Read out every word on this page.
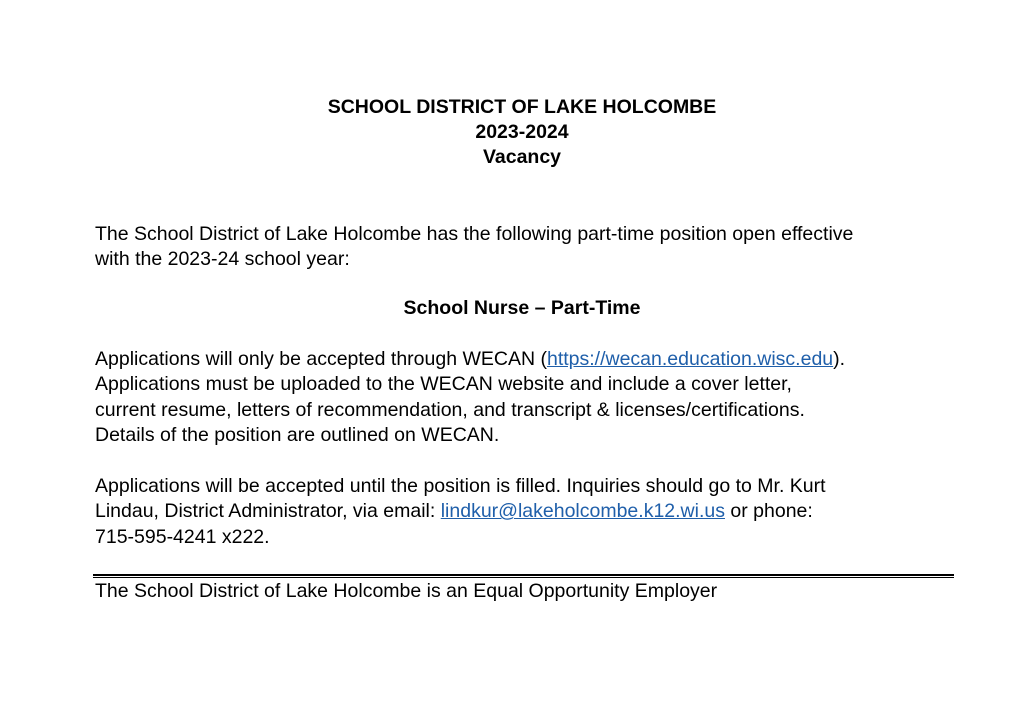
SCHOOL DISTRICT OF LAKE HOLCOMBE
2023-2024
Vacancy
The School District of Lake Holcombe has the following part-time position open effective
with the 2023-24 school year:
School Nurse – Part-Time
Applications will only be accepted through WECAN (https://wecan.education.wisc.edu).
Applications must be uploaded to the WECAN website and include a cover letter,
current resume, letters of recommendation, and transcript & licenses/certifications.
Details of the position are outlined on WECAN.
Applications will be accepted until the position is filled. Inquiries should go to Mr. Kurt
Lindau, District Administrator, via email: lindkur@lakeholcombe.k12.wi.us or phone:
715-595-4241 x222.
The School District of Lake Holcombe is an Equal Opportunity Employer
